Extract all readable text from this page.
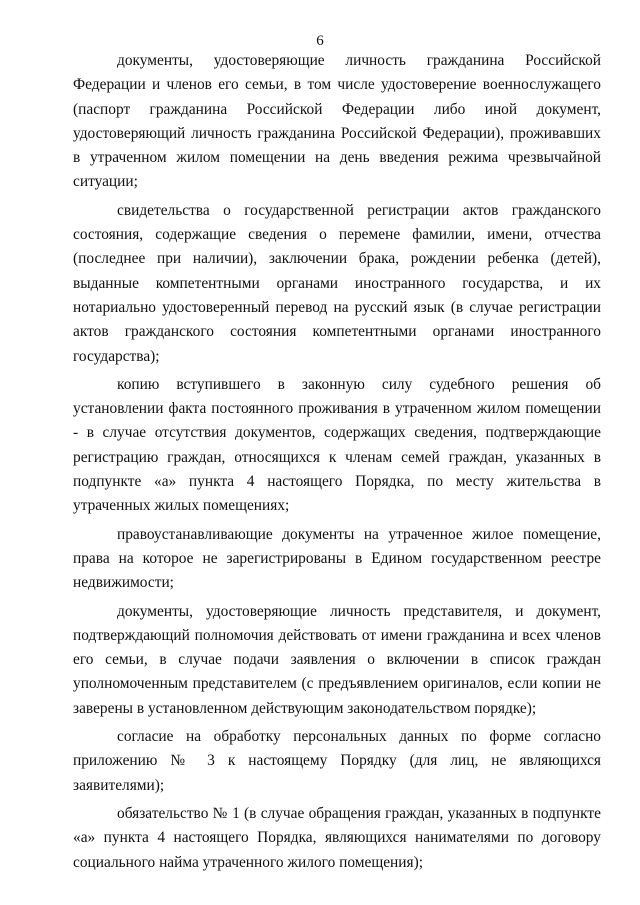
6

документы, удостоверяющие личность гражданина Российской Федерации и членов его семьи, в том числе удостоверение военнослужащего (паспорт гражданина Российской Федерации либо иной документ, удостоверяющий личность гражданина Российской Федерации), проживавших в утраченном жилом помещении на день введения режима чрезвычайной ситуации;

свидетельства о государственной регистрации актов гражданского состояния, содержащие сведения о перемене фамилии, имени, отчества (последнее при наличии), заключении брака, рождении ребенка (детей), выданные компетентными органами иностранного государства, и их нотариально удостоверенный перевод на русский язык (в случае регистрации актов гражданского состояния компетентными органами иностранного государства);

копию вступившего в законную силу судебного решения об установлении факта постоянного проживания в утраченном жилом помещении - в случае отсутствия документов, содержащих сведения, подтверждающие регистрацию граждан, относящихся к членам семей граждан, указанных в подпункте «а» пункта 4 настоящего Порядка, по месту жительства в утраченных жилых помещениях;

правоустанавливающие документы на утраченное жилое помещение, права на которое не зарегистрированы в Едином государственном реестре недвижимости;

документы, удостоверяющие личность представителя, и документ, подтверждающий полномочия действовать от имени гражданина и всех членов его семьи, в случае подачи заявления о включении в список граждан уполномоченным представителем (с предъявлением оригиналов, если копии не заверены в установленном действующим законодательством порядке);

согласие на обработку персональных данных по форме согласно приложению № 3 к настоящему Порядку (для лиц, не являющихся заявителями);

обязательство № 1 (в случае обращения граждан, указанных в подпункте «а» пункта 4 настоящего Порядка, являющихся нанимателями по договору социального найма утраченного жилого помещения);
